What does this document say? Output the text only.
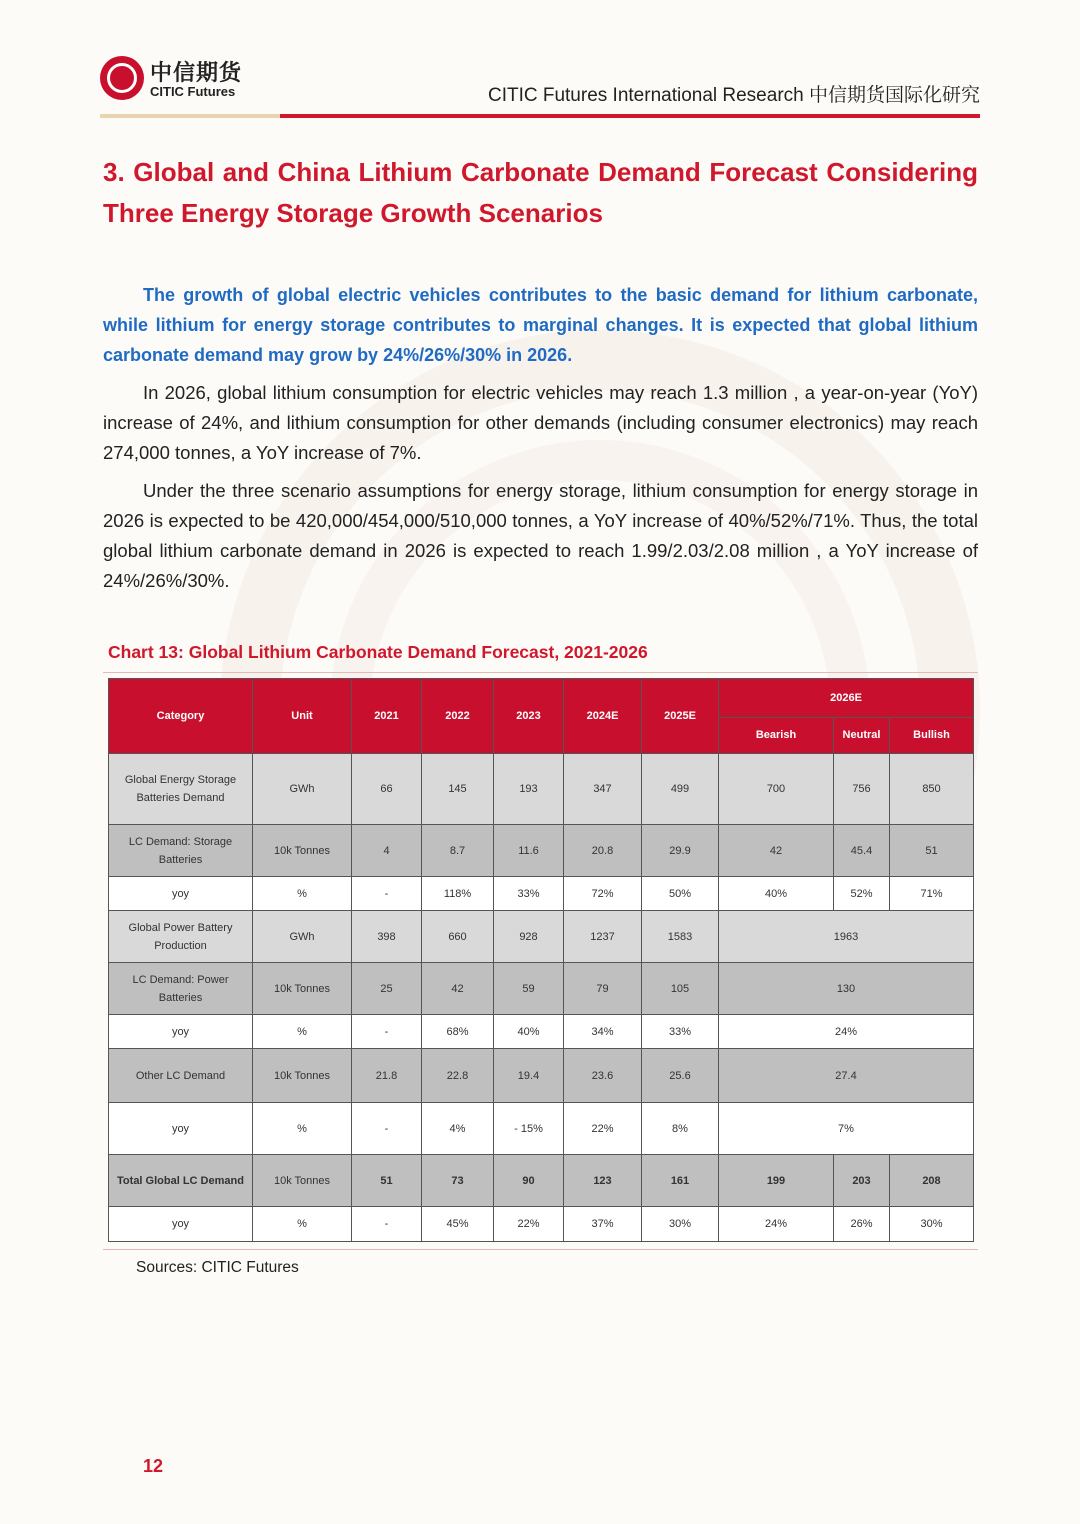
中信期货
CITIC Futures	CITIC Futures International Research 中信期货国际化研究
3. Global and China Lithium Carbonate Demand Forecast Considering Three Energy Storage Growth Scenarios
The growth of global electric vehicles contributes to the basic demand for lithium carbonate, while lithium for energy storage contributes to marginal changes. It is expected that global lithium carbonate demand may grow by 24%/26%/30% in 2026.
In 2026, global lithium consumption for electric vehicles may reach 1.3 million , a year-on-year (YoY) increase of 24%, and lithium consumption for other demands (including consumer electronics) may reach 274,000 tonnes, a YoY increase of 7%.
Under the three scenario assumptions for energy storage, lithium consumption for energy storage in 2026 is expected to be 420,000/454,000/510,000 tonnes, a YoY increase of 40%/52%/71%. Thus, the total global lithium carbonate demand in 2026 is expected to reach 1.99/2.03/2.08 million , a YoY increase of 24%/26%/30%.
Chart 13: Global Lithium Carbonate Demand Forecast, 2021-2026
Category	Unit	2021	2022	2023	2024E	2025E	2026E		
							Bearish	Neutral	Bullish
Global Energy Storage Batteries Demand	GWh	66	145	193	347	499	700	756	850
LC Demand: Storage Batteries	10k Tonnes	4	8.7	11.6	20.8	29.9	42	45.4	51
yoy	%	-	118%	33%	72%	50%	40%	52%	71%
Global Power Battery Production	GWh	398	660	928	1237	1583	1963		
LC Demand: Power Batteries	10k Tonnes	25	42	59	79	105	130		
yoy	%	-	68%	40%	34%	33%	24%		
Other LC Demand	10k Tonnes	21.8	22.8	19.4	23.6	25.6	27.4		
yoy	%	-	4%	- 15%	22%	8%	7%		
Total Global LC Demand	10k Tonnes	51	73	90	123	161	199	203	208
yoy	%	-	45%	22%	37%	30%	24%	26%	30%
Sources: CITIC Futures
12
